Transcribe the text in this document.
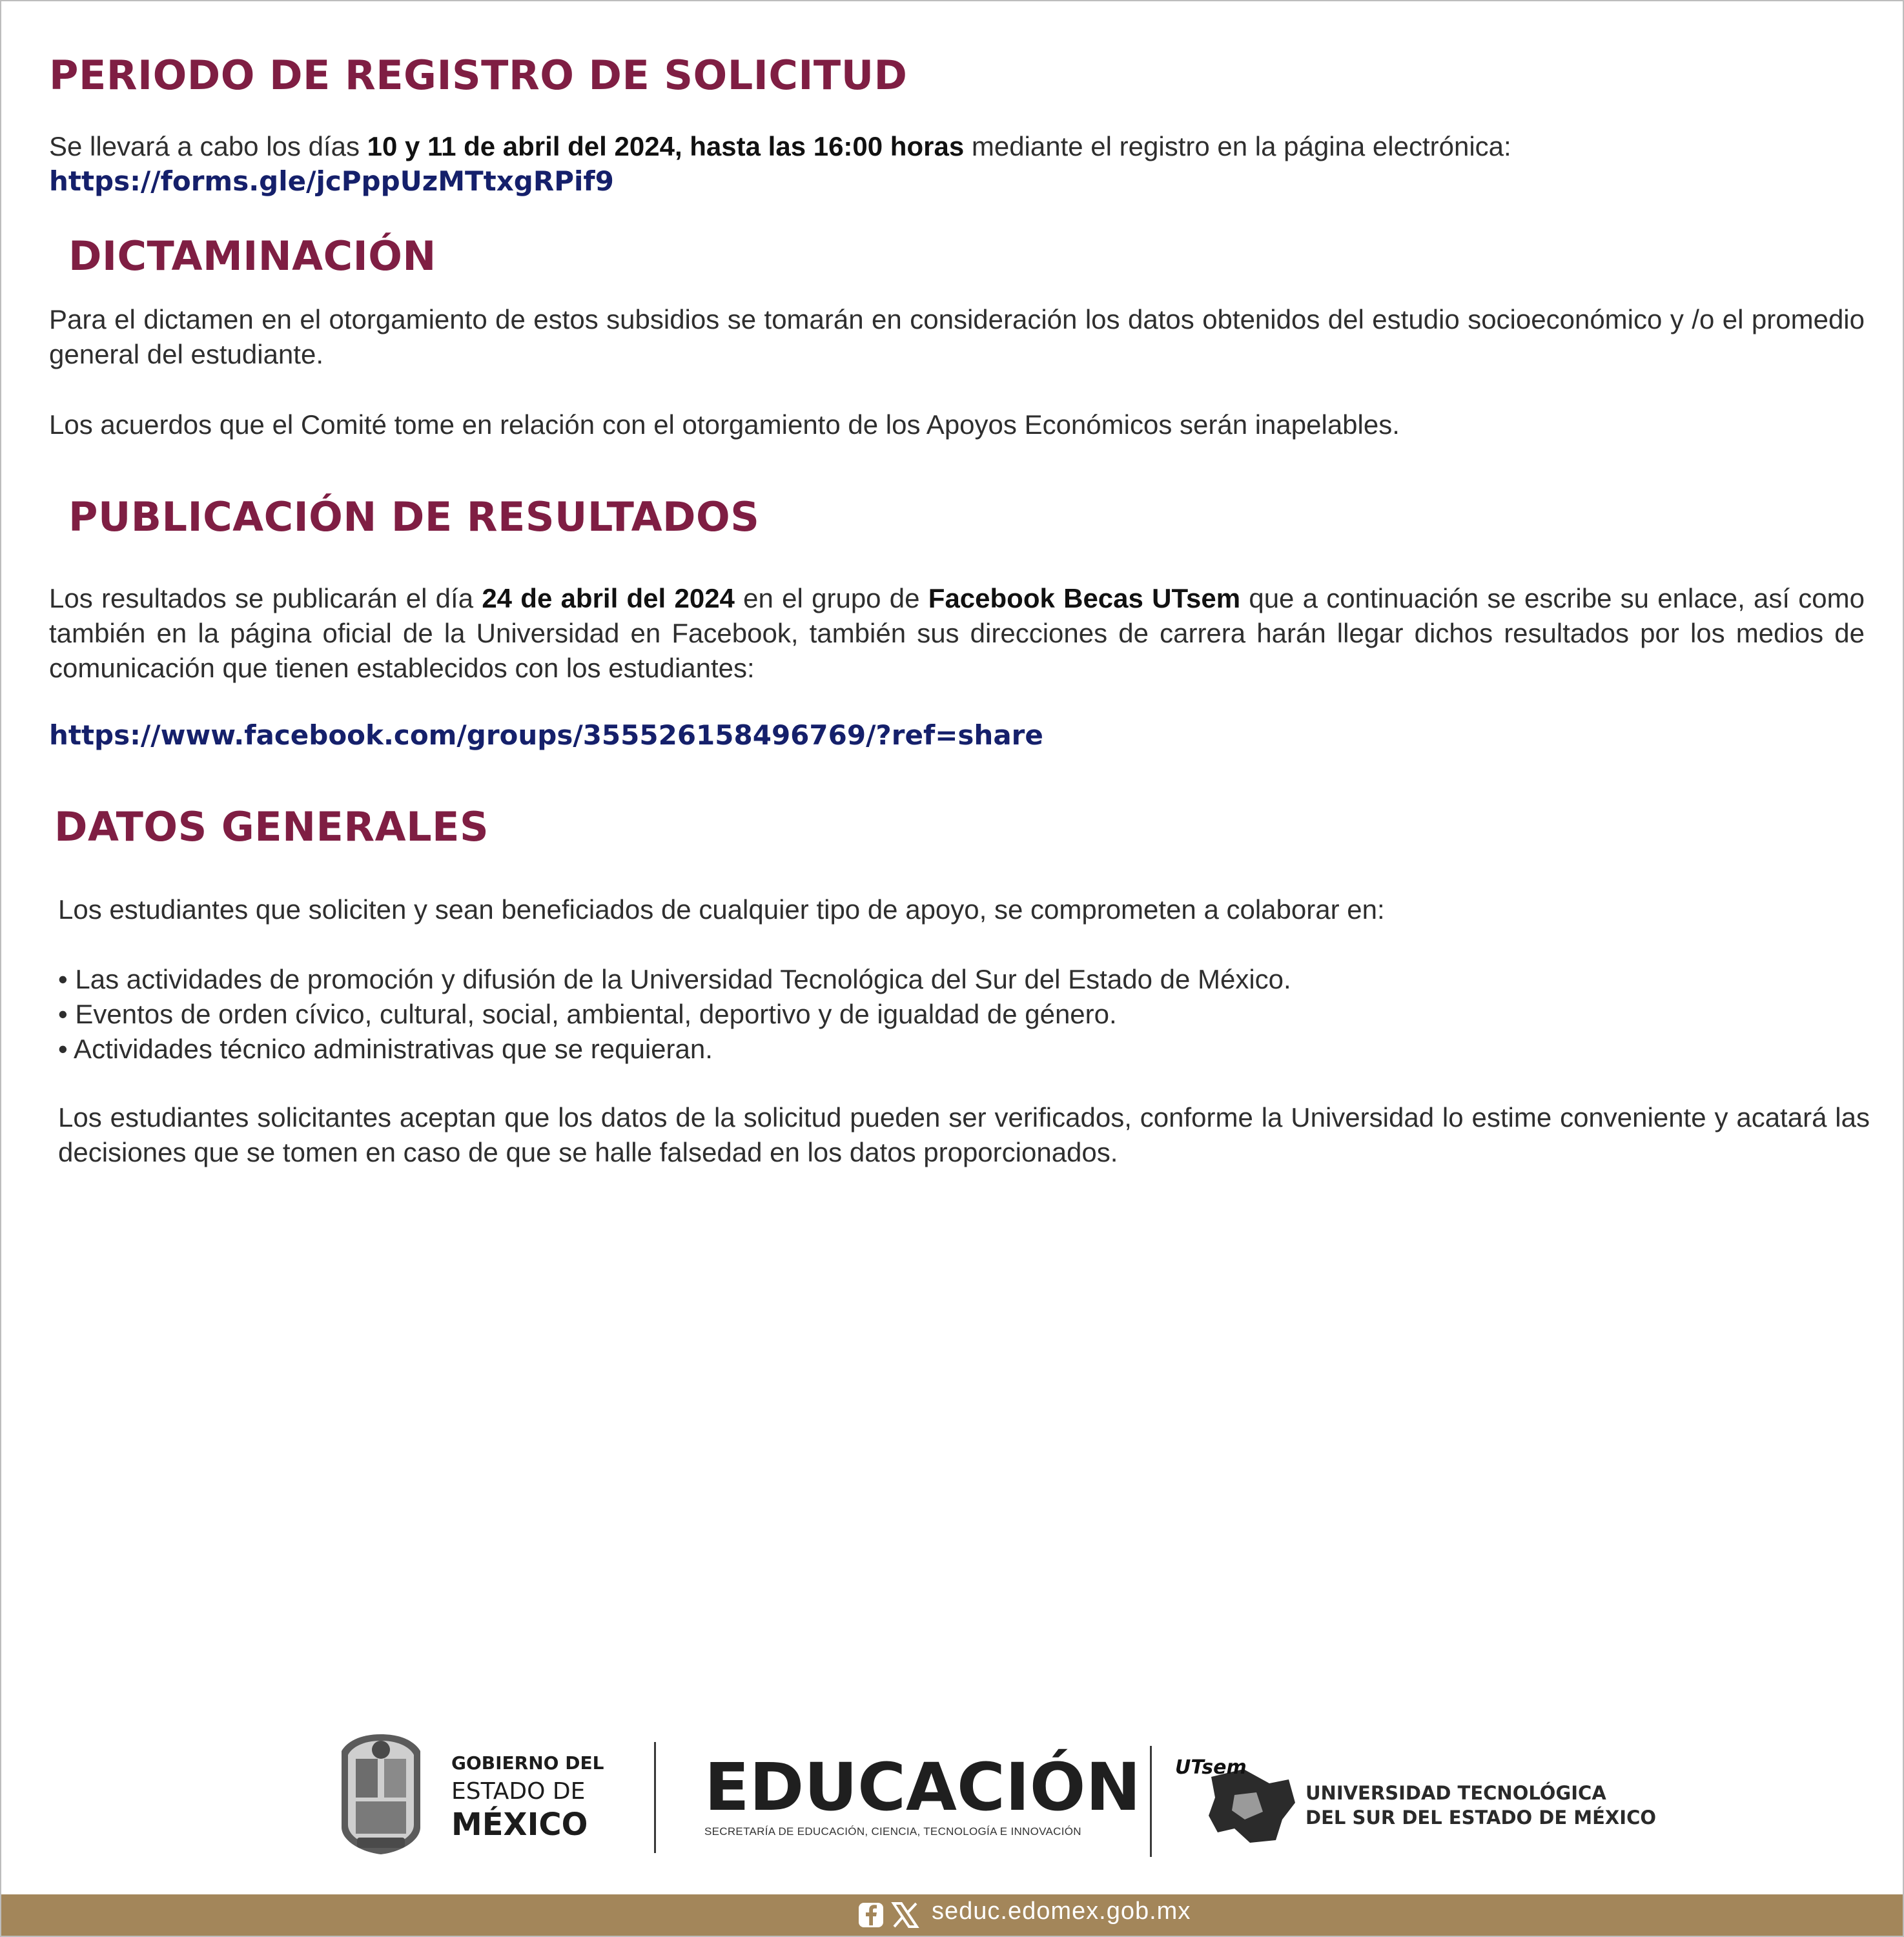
PERIODO DE REGISTRO DE SOLICITUD

Se llevará a cabo los días 10 y 11 de abril del 2024, hasta las 16:00 horas mediante el registro en la página electrónica:

https://forms.gle/jcPppUzMTtxgRPif9
DICTAMINACIÓN

Para el dictamen en el otorgamiento de estos subsidios se tomarán en consideración los datos obtenidos del estudio socioeconómico y /o el promedio general del estudiante.

Los acuerdos que el Comité tome en relación con el otorgamiento de los Apoyos Económicos serán inapelables.

PUBLICACIÓN DE RESULTADOS

Los resultados se publicarán el día 24 de abril del 2024 en el grupo de Facebook Becas UTsem que a continuación se escribe su enlace, así como también en la página oficial de la Universidad en Facebook, también sus direcciones de carrera harán llegar dichos resultados por los medios de comunicación que tienen establecidos con los estudiantes:

https://www.facebook.com/groups/355526158496769/?ref=share
DATOS GENERALES

Los estudiantes que soliciten y sean beneficiados de cualquier tipo de apoyo, se comprometen a colaborar en:

• Las actividades de promoción y difusión de la Universidad Tecnológica del Sur del Estado de México.
• Eventos de orden cívico, cultural, social, ambiental, deportivo y de igualdad de género.
• Actividades técnico administrativas que se requieran.

Los estudiantes solicitantes aceptan que los datos de la solicitud pueden ser verificados, conforme la Universidad lo estime conveniente y acatará las decisiones que se tomen en caso de que se halle falsedad en los datos proporcionados.

GOBIERNO DEL
ESTADO DE
MÉXICO EDUCACIÓN
SECRETARÍA DE EDUCACIÓN, CIENCIA, TECNOLOGÍA E INNOVACIÓN
UTsem
UNIVERSIDAD TECNOLÓGICA
DEL SUR DEL ESTADO DE MÉXICO
seduc.edomex.gob.mx
